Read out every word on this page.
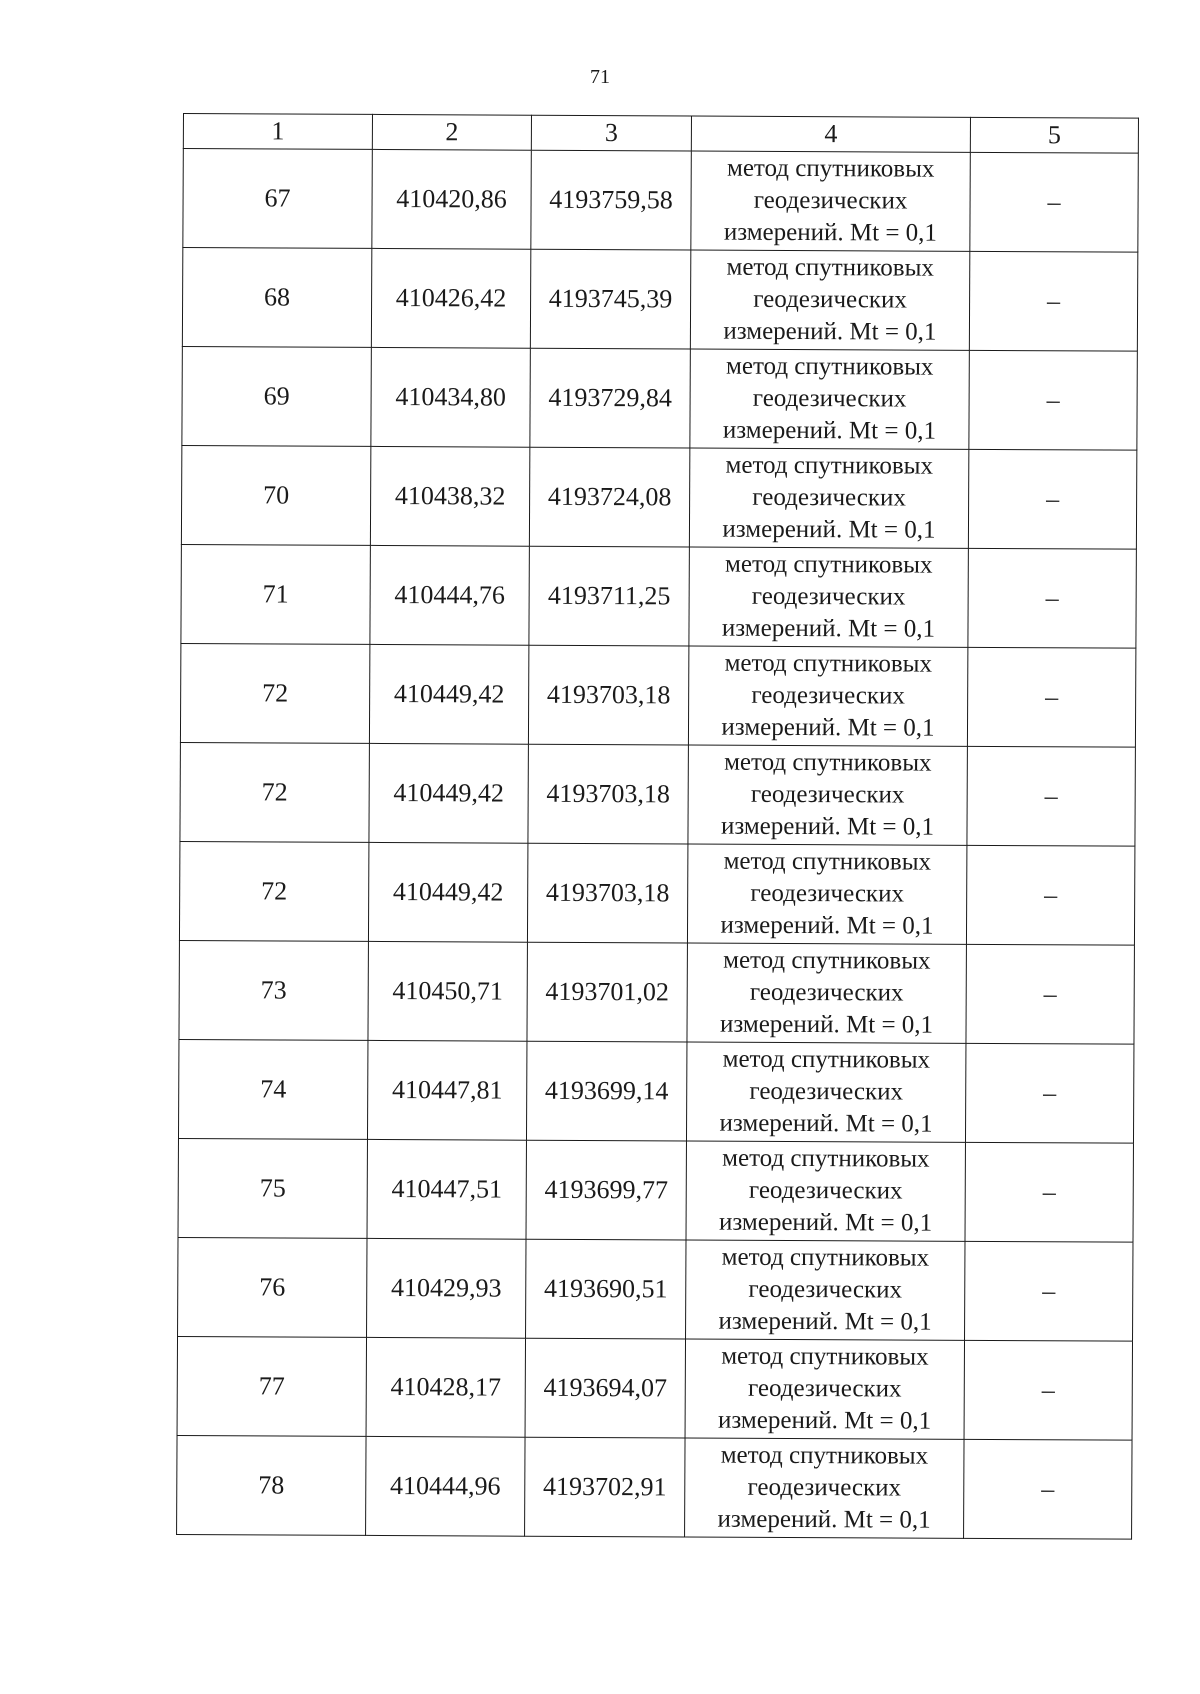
71
1	2	3	4	5
67	410420,86	4193759,58	метод спутниковых
геодезических
измерений. Mt = 0,1	–
68	410426,42	4193745,39	метод спутниковых
геодезических
измерений. Mt = 0,1	–
69	410434,80	4193729,84	метод спутниковых
геодезических
измерений. Mt = 0,1	–
70	410438,32	4193724,08	метод спутниковых
геодезических
измерений. Mt = 0,1	–
71	410444,76	4193711,25	метод спутниковых
геодезических
измерений. Mt = 0,1	–
72	410449,42	4193703,18	метод спутниковых
геодезических
измерений. Mt = 0,1	–
72	410449,42	4193703,18	метод спутниковых
геодезических
измерений. Mt = 0,1	–
72	410449,42	4193703,18	метод спутниковых
геодезических
измерений. Mt = 0,1	–
73	410450,71	4193701,02	метод спутниковых
геодезических
измерений. Mt = 0,1	–
74	410447,81	4193699,14	метод спутниковых
геодезических
измерений. Mt = 0,1	–
75	410447,51	4193699,77	метод спутниковых
геодезических
измерений. Mt = 0,1	–
76	410429,93	4193690,51	метод спутниковых
геодезических
измерений. Mt = 0,1	–
77	410428,17	4193694,07	метод спутниковых
геодезических
измерений. Mt = 0,1	–
78	410444,96	4193702,91	метод спутниковых
геодезических
измерений. Mt = 0,1	–
